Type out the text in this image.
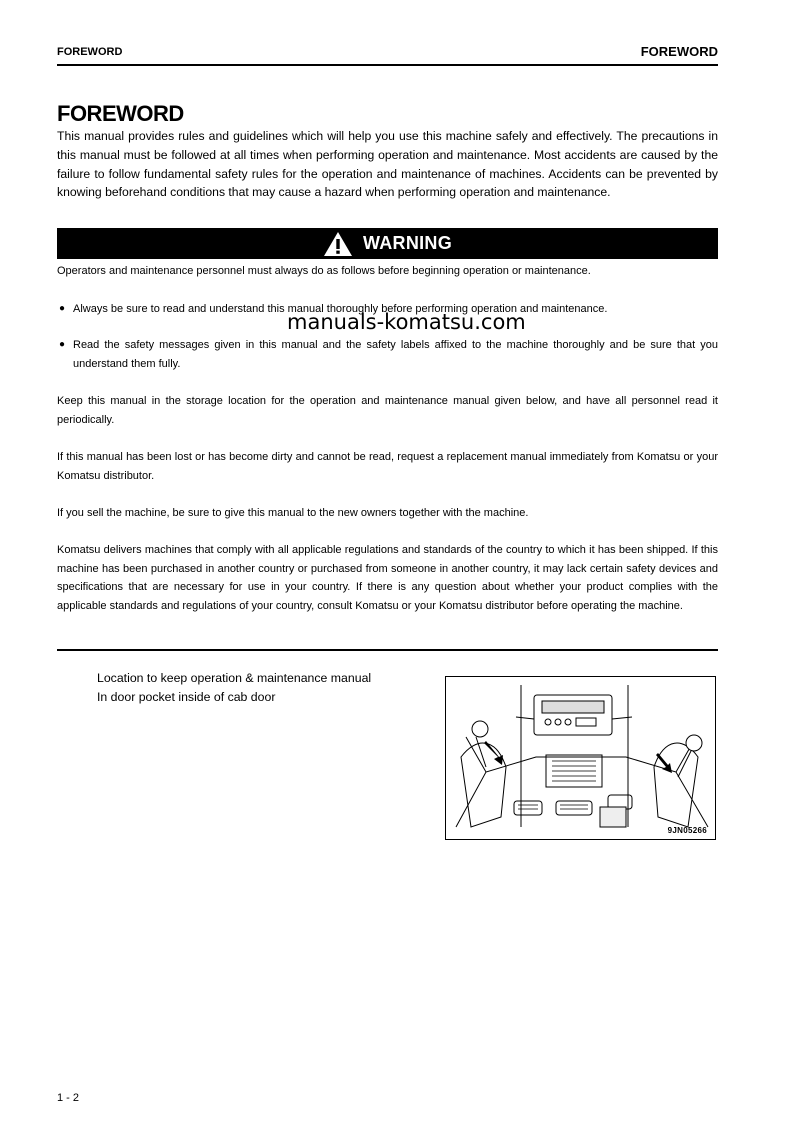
FOREWORD	FOREWORD
FOREWORD

This manual provides rules and guidelines which will help you use this machine safely and effectively. The precautions in this manual must be followed at all times when performing operation and maintenance. Most accidents are caused by the failure to follow fundamental safety rules for the operation and maintenance of machines. Accidents can be prevented by knowing beforehand conditions that may cause a hazard when performing operation and maintenance.

WARNING

Operators and maintenance personnel must always do as follows before beginning operation or maintenance.

● Always be sure to read and understand this manual thoroughly before performing operation and maintenance.
manuals-komatsu.com
● Read the safety messages given in this manual and the safety labels affixed to the machine thoroughly and be sure that you understand them fully.

Keep this manual in the storage location for the operation and maintenance manual given below, and have all personnel read it periodically.

If this manual has been lost or has become dirty and cannot be read, request a replacement manual immediately from Komatsu or your Komatsu distributor.

If you sell the machine, be sure to give this manual to the new owners together with the machine.

Komatsu delivers machines that comply with all applicable regulations and standards of the country to which it has been shipped. If this machine has been purchased in another country or purchased from someone in another country, it may lack certain safety devices and specifications that are necessary for use in your country. If there is any question about whether your product complies with the applicable standards and regulations of your country, consult Komatsu or your Komatsu distributor before operating the machine.

Location to keep operation & maintenance manual
In door pocket inside of cab door
9JN05266
1 - 2
